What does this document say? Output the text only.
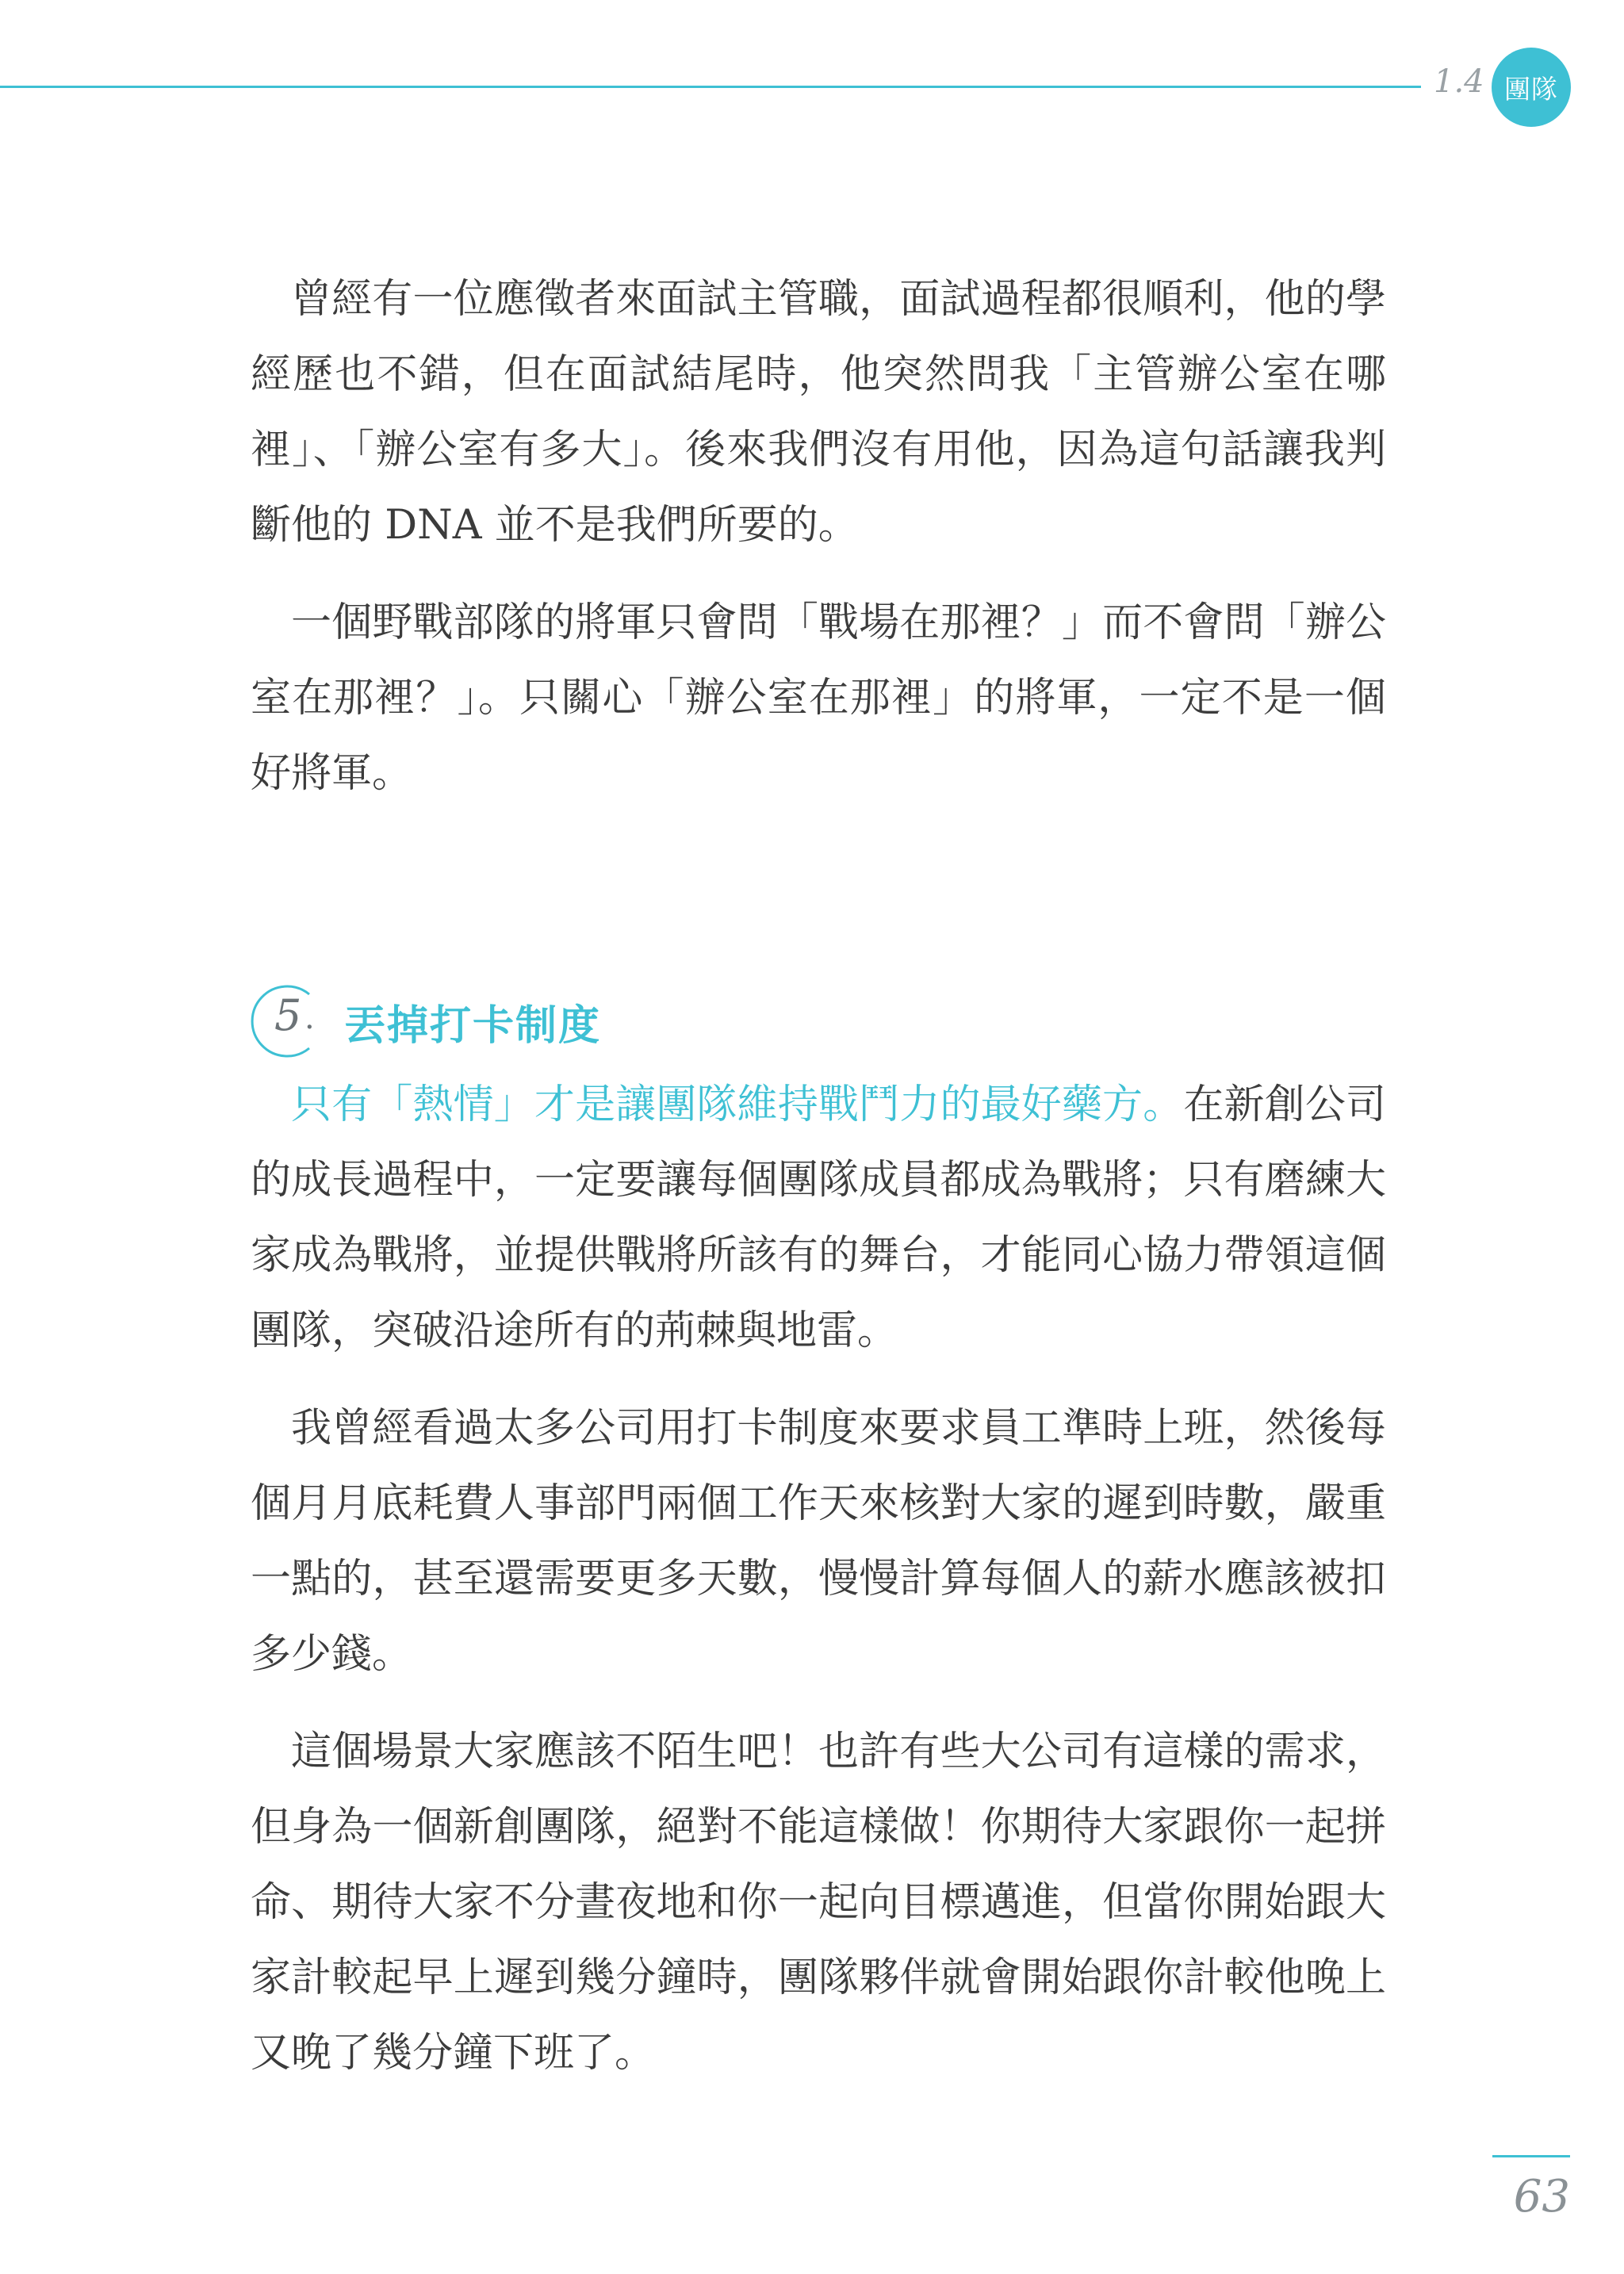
1.4 團隊

曾經有一位應徵者來面試主管職，面試過程都很順利，他的學經歷也不錯，但在面試結尾時，他突然問我「主管辦公室在哪裡」、「辦公室有多大」。後來我們沒有用他，因為這句話讓我判斷他的 DNA 並不是我們所要的。

一個野戰部隊的將軍只會問「戰場在那裡？」而不會問「辦公室在那裡？」。只關心「辦公室在那裡」的將軍，一定不是一個好將軍。

5 · 丟掉打卡制度

只有「熱情」才是讓團隊維持戰鬥力的最好藥方。在新創公司的成長過程中，一定要讓每個團隊成員都成為戰將；只有磨練大家成為戰將，並提供戰將所該有的舞台，才能同心協力帶領這個團隊，突破沿途所有的荊棘與地雷。

我曾經看過太多公司用打卡制度來要求員工準時上班，然後每個月月底耗費人事部門兩個工作天來核對大家的遲到時數，嚴重一點的，甚至還需要更多天數，慢慢計算每個人的薪水應該被扣多少錢。

這個場景大家應該不陌生吧！也許有些大公司有這樣的需求，但身為一個新創團隊，絕對不能這樣做！你期待大家跟你一起拼命、期待大家不分晝夜地和你一起向目標邁進，但當你開始跟大家計較起早上遲到幾分鐘時，團隊夥伴就會開始跟你計較他晚上又晚了幾分鐘下班了。

63
